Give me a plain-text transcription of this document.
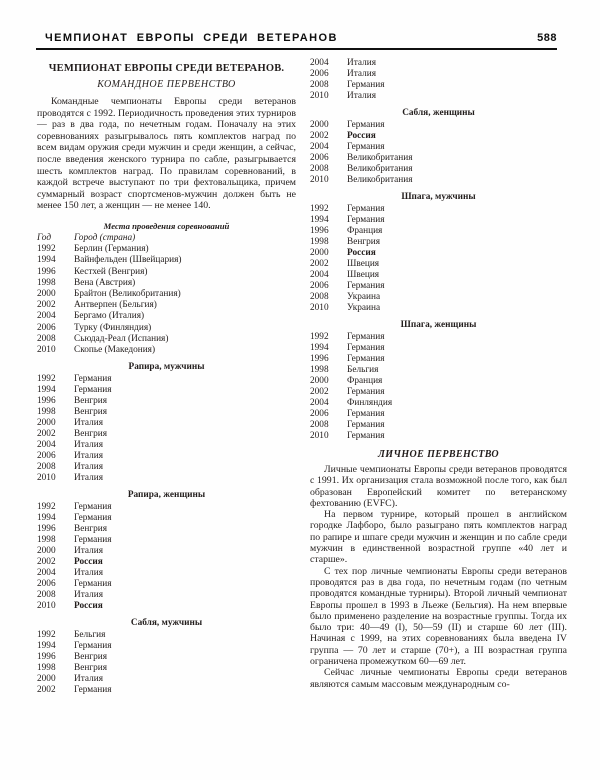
ЧЕМПИОНАТ ЕВРОПЫ СРЕДИ ВЕТЕРАНОВ	588
ЧЕМПИОНАТ ЕВРОПЫ СРЕДИ ВЕТЕРАНОВ.
КОМАНДНОЕ ПЕРВЕНСТВО

Командные чемпионаты Европы среди ветеранов проводятся с 1992. Периодичность проведения этих турниров — раз в два года, по нечетным годам. Поначалу на этих соревнованиях разыгрывалось пять комплектов наград по всем видам оружия среди мужчин и среди женщин, а сейчас, после введения женского турнира по сабле, разыгрывается шесть комплектов наград. По правилам соревнований, в каждой встрече выступают по три фехтовальщика, причем суммарный возраст спортсменов-мужчин должен быть не менее 150 лет, а женщин — не менее 140.

Места проведения соревнований
Год	Город (страна)
1992	Берлин (Германия)
1994	Вайнфельден (Швейцария)
1996	Кестхей (Венгрия)
1998	Вена (Австрия)
2000	Брайтон (Великобритания)
2002	Антверпен (Бельгия)
2004	Бергамо (Италия)
2006	Турку (Финляндия)
2008	Сьюдад-Реал (Испания)
2010	Скопье (Македония)
Рапира, мужчины
1992	Германия
1994	Германия
1996	Венгрия
1998	Венгрия
2000	Италия
2002	Венгрия
2004	Италия
2006	Италия
2008	Италия
2010	Италия
Рапира, женщины
1992	Германия
1994	Германия
1996	Венгрия
1998	Германия
2000	Италия
2002	Россия
2004	Италия
2006	Германия
2008	Италия
2010	Россия
Сабля, мужчины
1992	Бельгия
1994	Германия
1996	Венгрия
1998	Венгрия
2000	Италия
2002	Германия
2004	Италия
2006	Италия
2008	Германия
2010	Италия
Сабля, женщины
2000	Германия
2002	Россия
2004	Германия
2006	Великобритания
2008	Великобритания
2010	Великобритания
Шпага, мужчины
1992	Германия
1994	Германия
1996	Франция
1998	Венгрия
2000	Россия
2002	Швеция
2004	Швеция
2006	Германия
2008	Украина
2010	Украина
Шпага, женщины
1992	Германия
1994	Германия
1996	Германия
1998	Бельгия
2000	Франция
2002	Германия
2004	Финляндия
2006	Германия
2008	Германия
2010	Германия
ЛИЧНОЕ ПЕРВЕНСТВО

Личные чемпионаты Европы среди ветеранов проводятся с 1991. Их организация стала возможной после того, как был образован Европейский комитет по ветеранскому фехтованию (EVFC).

На первом турнире, который прошел в английском городке Лафборо, было разыграно пять комплектов наград по рапире и шпаге среди мужчин и женщин и по сабле среди мужчин в единственной возрастной группе «40 лет и старше».

С тех пор личные чемпионаты Европы среди ветеранов проводятся раз в два года, по нечетным годам (по четным проводятся командные турниры). Второй личный чемпионат Европы прошел в 1993 в Льеже (Бельгия). На нем впервые было применено разделение на возрастные группы. Тогда их было три: 40—49 (I), 50—59 (II) и старше 60 лет (III). Начиная с 1999, на этих соревнованиях была введена IV группа — 70 лет и старше (70+), а III возрастная группа ограничена промежутком 60—69 лет.

Сейчас личные чемпионаты Европы среди ветеранов являются самым массовым международным со-
